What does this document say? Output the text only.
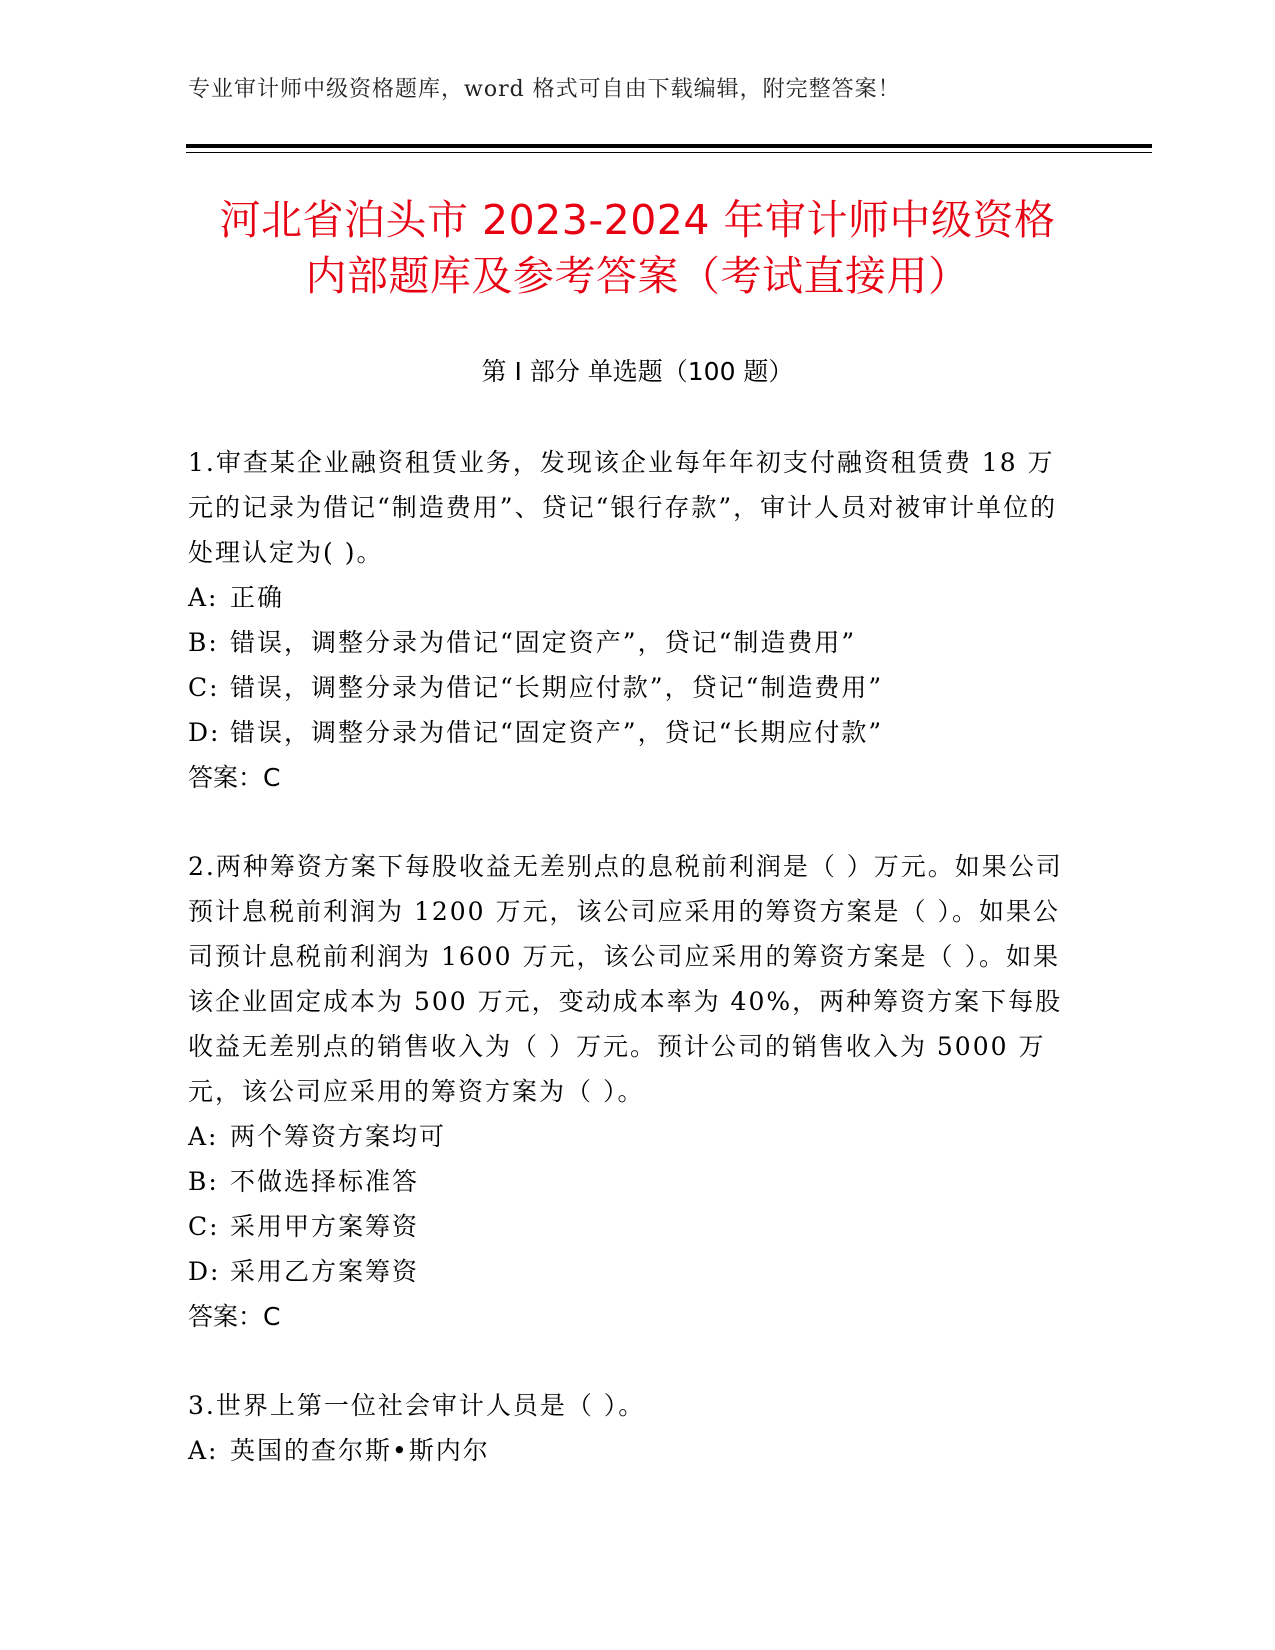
专业审计师中级资格题库，word 格式可自由下载编辑，附完整答案！
河北省泊头市 2023-2024 年审计师中级资格
内部题库及参考答案（考试直接用）
第 I 部分 单选题（100 题）

1.审查某企业融资租赁业务，发现该企业每年年初支付融资租赁费 18 万元的记录为借记“制造费用”、贷记“银行存款”，审计人员对被审计单位的处理认定为( )。

A: 正确
B: 错误，调整分录为借记“固定资产”，贷记“制造费用”
C: 错误，调整分录为借记“长期应付款”，贷记“制造费用”
D: 错误，调整分录为借记“固定资产”，贷记“长期应付款”
答案：C

2.两种筹资方案下每股收益无差别点的息税前利润是（ ）万元。如果公司预计息税前利润为 1200 万元，该公司应采用的筹资方案是（ ）。如果公司预计息税前利润为 1600 万元，该公司应采用的筹资方案是（ ）。如果该企业固定成本为 500 万元，变动成本率为 40%，两种筹资方案下每股收益无差别点的销售收入为（ ）万元。预计公司的销售收入为 5000 万元，该公司应采用的筹资方案为（ ）。

A: 两个筹资方案均可
B: 不做选择标准答
C: 采用甲方案筹资
D: 采用乙方案筹资
答案：C

3.世界上第一位社会审计人员是（ ）。

A: 英国的查尔斯•斯内尔
